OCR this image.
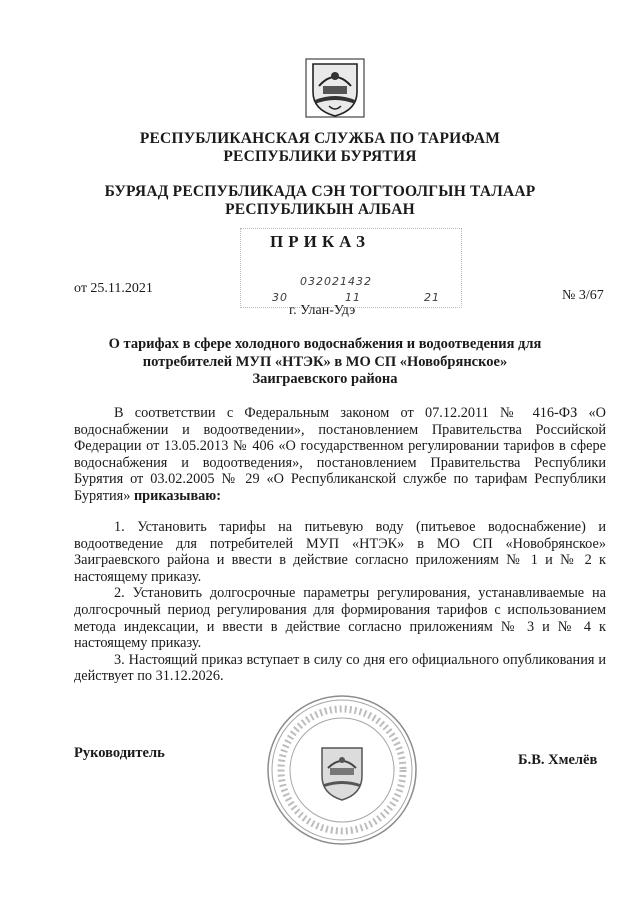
РЕСПУБЛИКАНСКАЯ СЛУЖБА ПО ТАРИФАМ РЕСПУБЛИКИ БУРЯТИЯ
БУРЯАД РЕСПУБЛИКАДА СЭН ТОГТООЛГЫН ТАЛААР РЕСПУБЛИКЫН АЛБАН
ПРИКАЗ
032021432
30	11	21
от 25.11.2021
г. Улан-Удэ
№ 3/67
О тарифах в сфере холодного водоснабжения и водоотведения для потребителей МУП «НТЭК» в МО СП «Новобрянское» Заиграевского района
В соответствии с Федеральным законом от 07.12.2011 № 416-ФЗ «О водоснабжении и водоотведении», постановлением Правительства Российской Федерации от 13.05.2013 № 406 «О государственном регулировании тарифов в сфере водоснабжения и водоотведения», постановлением Правительства Республики Бурятия от 03.02.2005 № 29 «О Республиканской службе по тарифам Республики Бурятия» приказываю:

1. Установить тарифы на питьевую воду (питьевое водоснабжение) и водоотведение для потребителей МУП «НТЭК» в МО СП «Новобрянское» Заиграевского района и ввести в действие согласно приложениям № 1 и № 2 к настоящему приказу.

2. Установить долгосрочные параметры регулирования, устанавливаемые на долгосрочный период регулирования для формирования тарифов с использованием метода индексации, и ввести в действие согласно приложениям № 3 и № 4 к настоящему приказу.

3. Настоящий приказ вступает в силу со дня его официального опубликования и действует по 31.12.2026.

Руководитель	Б.В. Хмелёв
